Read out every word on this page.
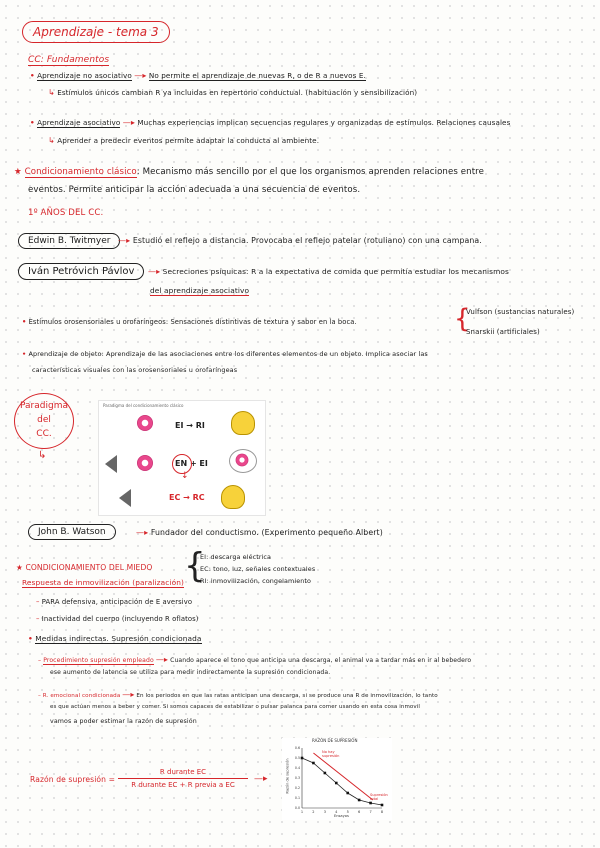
Aprendizaje - tema 3
CC: Fundamentos
• Aprendizaje no asociativo —▸ No permite el aprendizaje de nuevas R, o de R a nuevos E.
↳ Estímulos únicos cambian R ya incluidas en repertorio conductual. (habituación y sensibilización)
• Aprendizaje asociativo —▸ Muchas experiencias implican secuencias regulares y organizadas de estímulos. Relaciones causales
↳ Aprender a predecir eventos permite adaptar la conducta al ambiente.
★ Condicionamiento clásico: Mecanismo más sencillo por el que los organismos aprenden relaciones entre
eventos. Permite anticipar la acción adecuada a una secuencia de eventos.
1º AÑOS DEL CC.
Edwin B. Twitmyer —▸ Estudió el reflejo a distancia. Provocaba el reflejo patelar (rotuliano) con una campana.
Iván Petróvich Pávlov	—▸ Secreciones psíquicas: R a la expectativa de comida que permitía estudiar los mecanismos
del aprendizaje asociativo
• Estímulos orosensoriales u orofaríngeos: Sensaciones distintivas de textura y sabor en la boca.	{
Vulfson (sustancias naturales)
Snarskii (artificiales)
• Aprendizaje de objeto: Aprendizaje de las asociaciones entre los diferentes elementos de un objeto. Implica asociar las
características visuales con las orosensoriales u orofaríngeas
Paradigma
del
CC.
↳
Paradigma del condicionamiento clásico
EI → RI
EN + EI
EC → RC
↓
John B. Watson	—▸ Fundador del conductismo. (Experimento pequeño Albert)
★ CONDICIONAMIENTO DEL MIEDO
Respuesta de inmovilización (paralización) {
EI: descarga eléctrica
EC: tono, luz, señales contextuales
RI: inmovilización, congelamiento
– PARA defensiva, anticipación de E aversivo
– Inactividad del cuerpo (incluyendo R oflatos)
• Medidas indirectas. Supresión condicionada
– Procedimiento supresión empleado —▸ Cuando aparece el tono que anticipa una descarga, el animal va a tardar más en ir al bebedero
ese aumento de latencia se utiliza para medir indirectamente la supresión condicionada.
– R. emocional condicionada —▸ En los periodos en que las ratas anticipan una descarga, si se produce una R de inmovilización, lo tanto
es que actúan menos a beber y comer. Si somos capaces de estabilizar o pulsar palanca para comer usando en esta cosa inmovil
vamos a poder estimar la razón de supresión
Razón de supresión =
R durante EC
R durante EC + R previa a EC
—▸
RAZÓN DE SUPRESIÓN
Razón de supresión
Ensayos
1	2	3	4	5	6	7	8
0.0
0.1
0.2
0.3
0.4
0.5
0.6
No hay supresión
Supresión total
